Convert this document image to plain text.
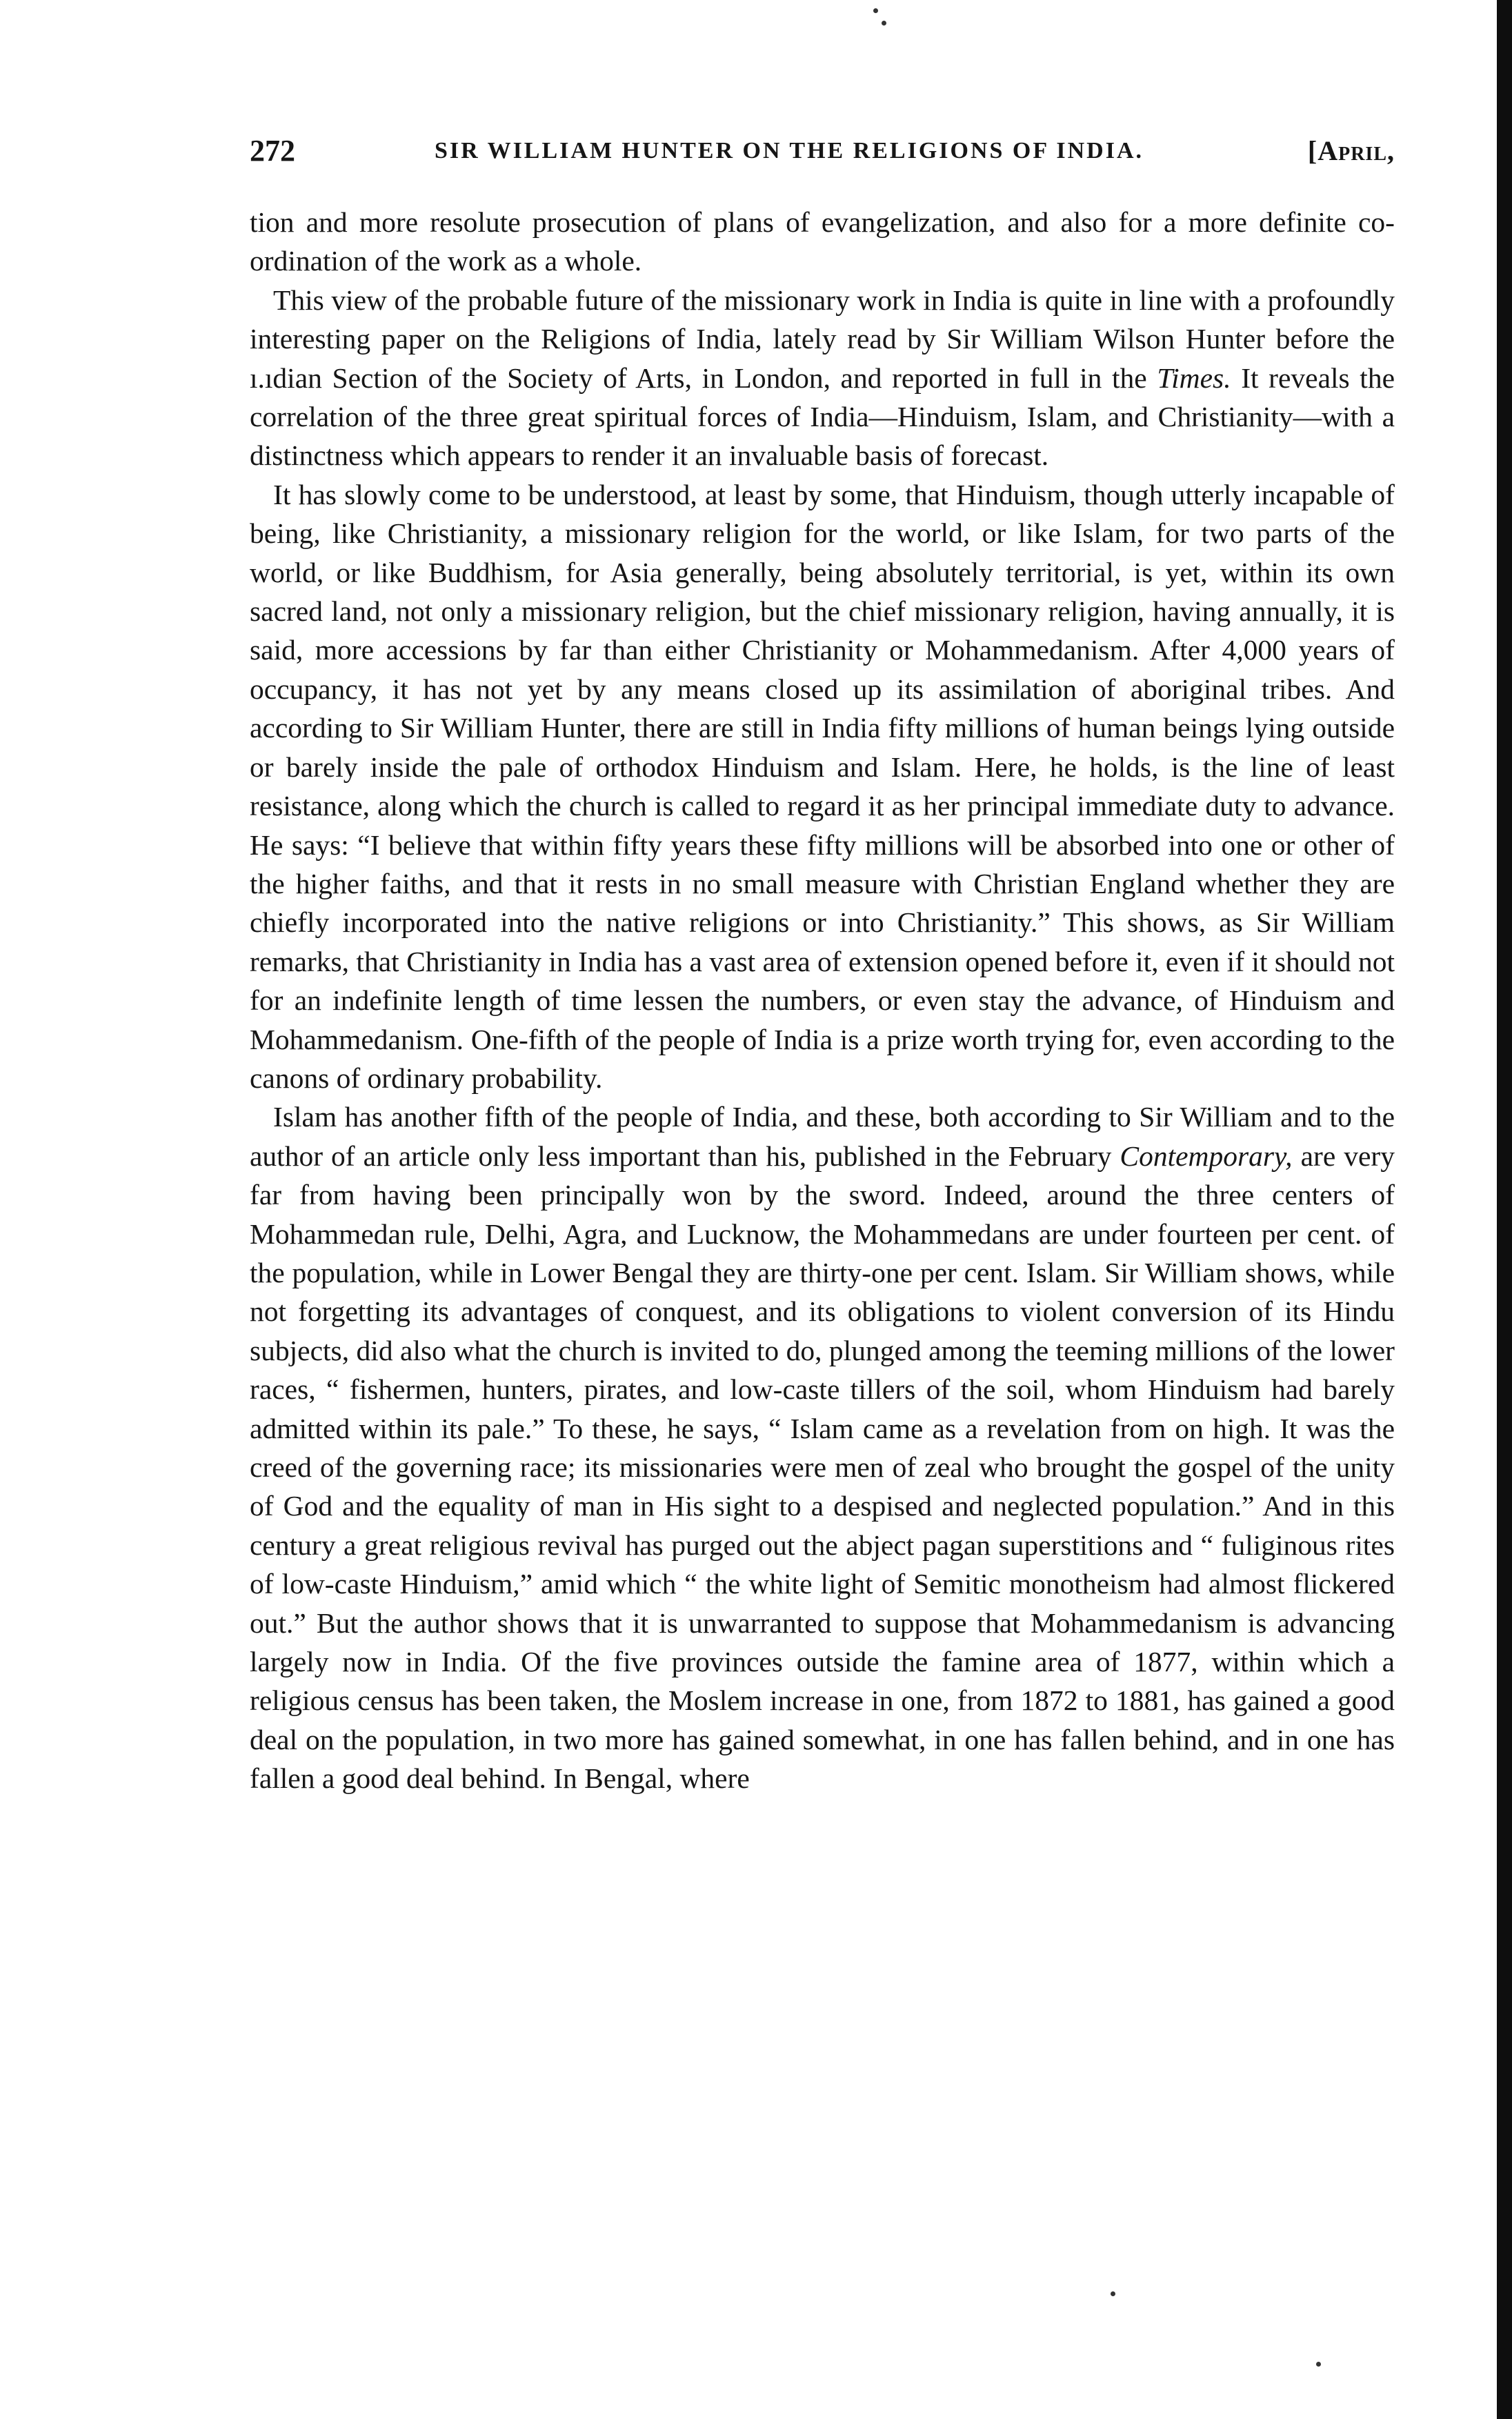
272	SIR WILLIAM HUNTER ON THE RELIGIONS OF INDIA.	[April,

tion and more resolute prosecution of plans of evangelization, and also for a more definite co-ordination of the work as a whole.

This view of the probable future of the missionary work in India is quite in line with a profoundly interesting paper on the Religions of India, lately read by Sir William Wilson Hunter before the ı.ıdian Section of the Society of Arts, in London, and reported in full in the Times. It reveals the correlation of the three great spiritual forces of India—Hinduism, Islam, and Christianity—with a distinctness which appears to render it an invaluable basis of forecast.

It has slowly come to be understood, at least by some, that Hinduism, though utterly incapable of being, like Christianity, a missionary religion for the world, or like Islam, for two parts of the world, or like Buddhism, for Asia generally, being absolutely territorial, is yet, within its own sacred land, not only a missionary religion, but the chief missionary religion, having annually, it is said, more accessions by far than either Christianity or Mohammedanism. After 4,000 years of occupancy, it has not yet by any means closed up its assimilation of aboriginal tribes. And according to Sir William Hunter, there are still in India fifty millions of human beings lying outside or barely inside the pale of orthodox Hinduism and Islam. Here, he holds, is the line of least resistance, along which the church is called to regard it as her principal immediate duty to advance. He says: “I believe that within fifty years these fifty millions will be absorbed into one or other of the higher faiths, and that it rests in no small measure with Christian England whether they are chiefly incorporated into the native religions or into Christianity.” This shows, as Sir William remarks, that Christianity in India has a vast area of extension opened before it, even if it should not for an indefinite length of time lessen the numbers, or even stay the advance, of Hinduism and Mohammedanism. One-fifth of the people of India is a prize worth trying for, even according to the canons of ordinary probability.

Islam has another fifth of the people of India, and these, both according to Sir William and to the author of an article only less important than his, published in the February Contemporary, are very far from having been principally won by the sword. Indeed, around the three centers of Mohammedan rule, Delhi, Agra, and Lucknow, the Mohammedans are under fourteen per cent. of the population, while in Lower Bengal they are thirty-one per cent. Islam. Sir William shows, while not forgetting its advantages of conquest, and its obligations to violent conversion of its Hindu subjects, did also what the church is invited to do, plunged among the teeming millions of the lower races, “ fishermen, hunters, pirates, and low-caste tillers of the soil, whom Hinduism had barely admitted within its pale.” To these, he says, “ Islam came as a revelation from on high. It was the creed of the governing race; its missionaries were men of zeal who brought the gospel of the unity of God and the equality of man in His sight to a despised and neglected population.” And in this century a great religious revival has purged out the abject pagan superstitions and “ fuliginous rites of low-caste Hinduism,” amid which “ the white light of Semitic monotheism had almost flickered out.” But the author shows that it is unwarranted to suppose that Mohammedanism is advancing largely now in India. Of the five provinces outside the famine area of 1877, within which a religious census has been taken, the Moslem increase in one, from 1872 to 1881, has gained a good deal on the population, in two more has gained somewhat, in one has fallen behind, and in one has fallen a good deal behind. In Bengal, where
